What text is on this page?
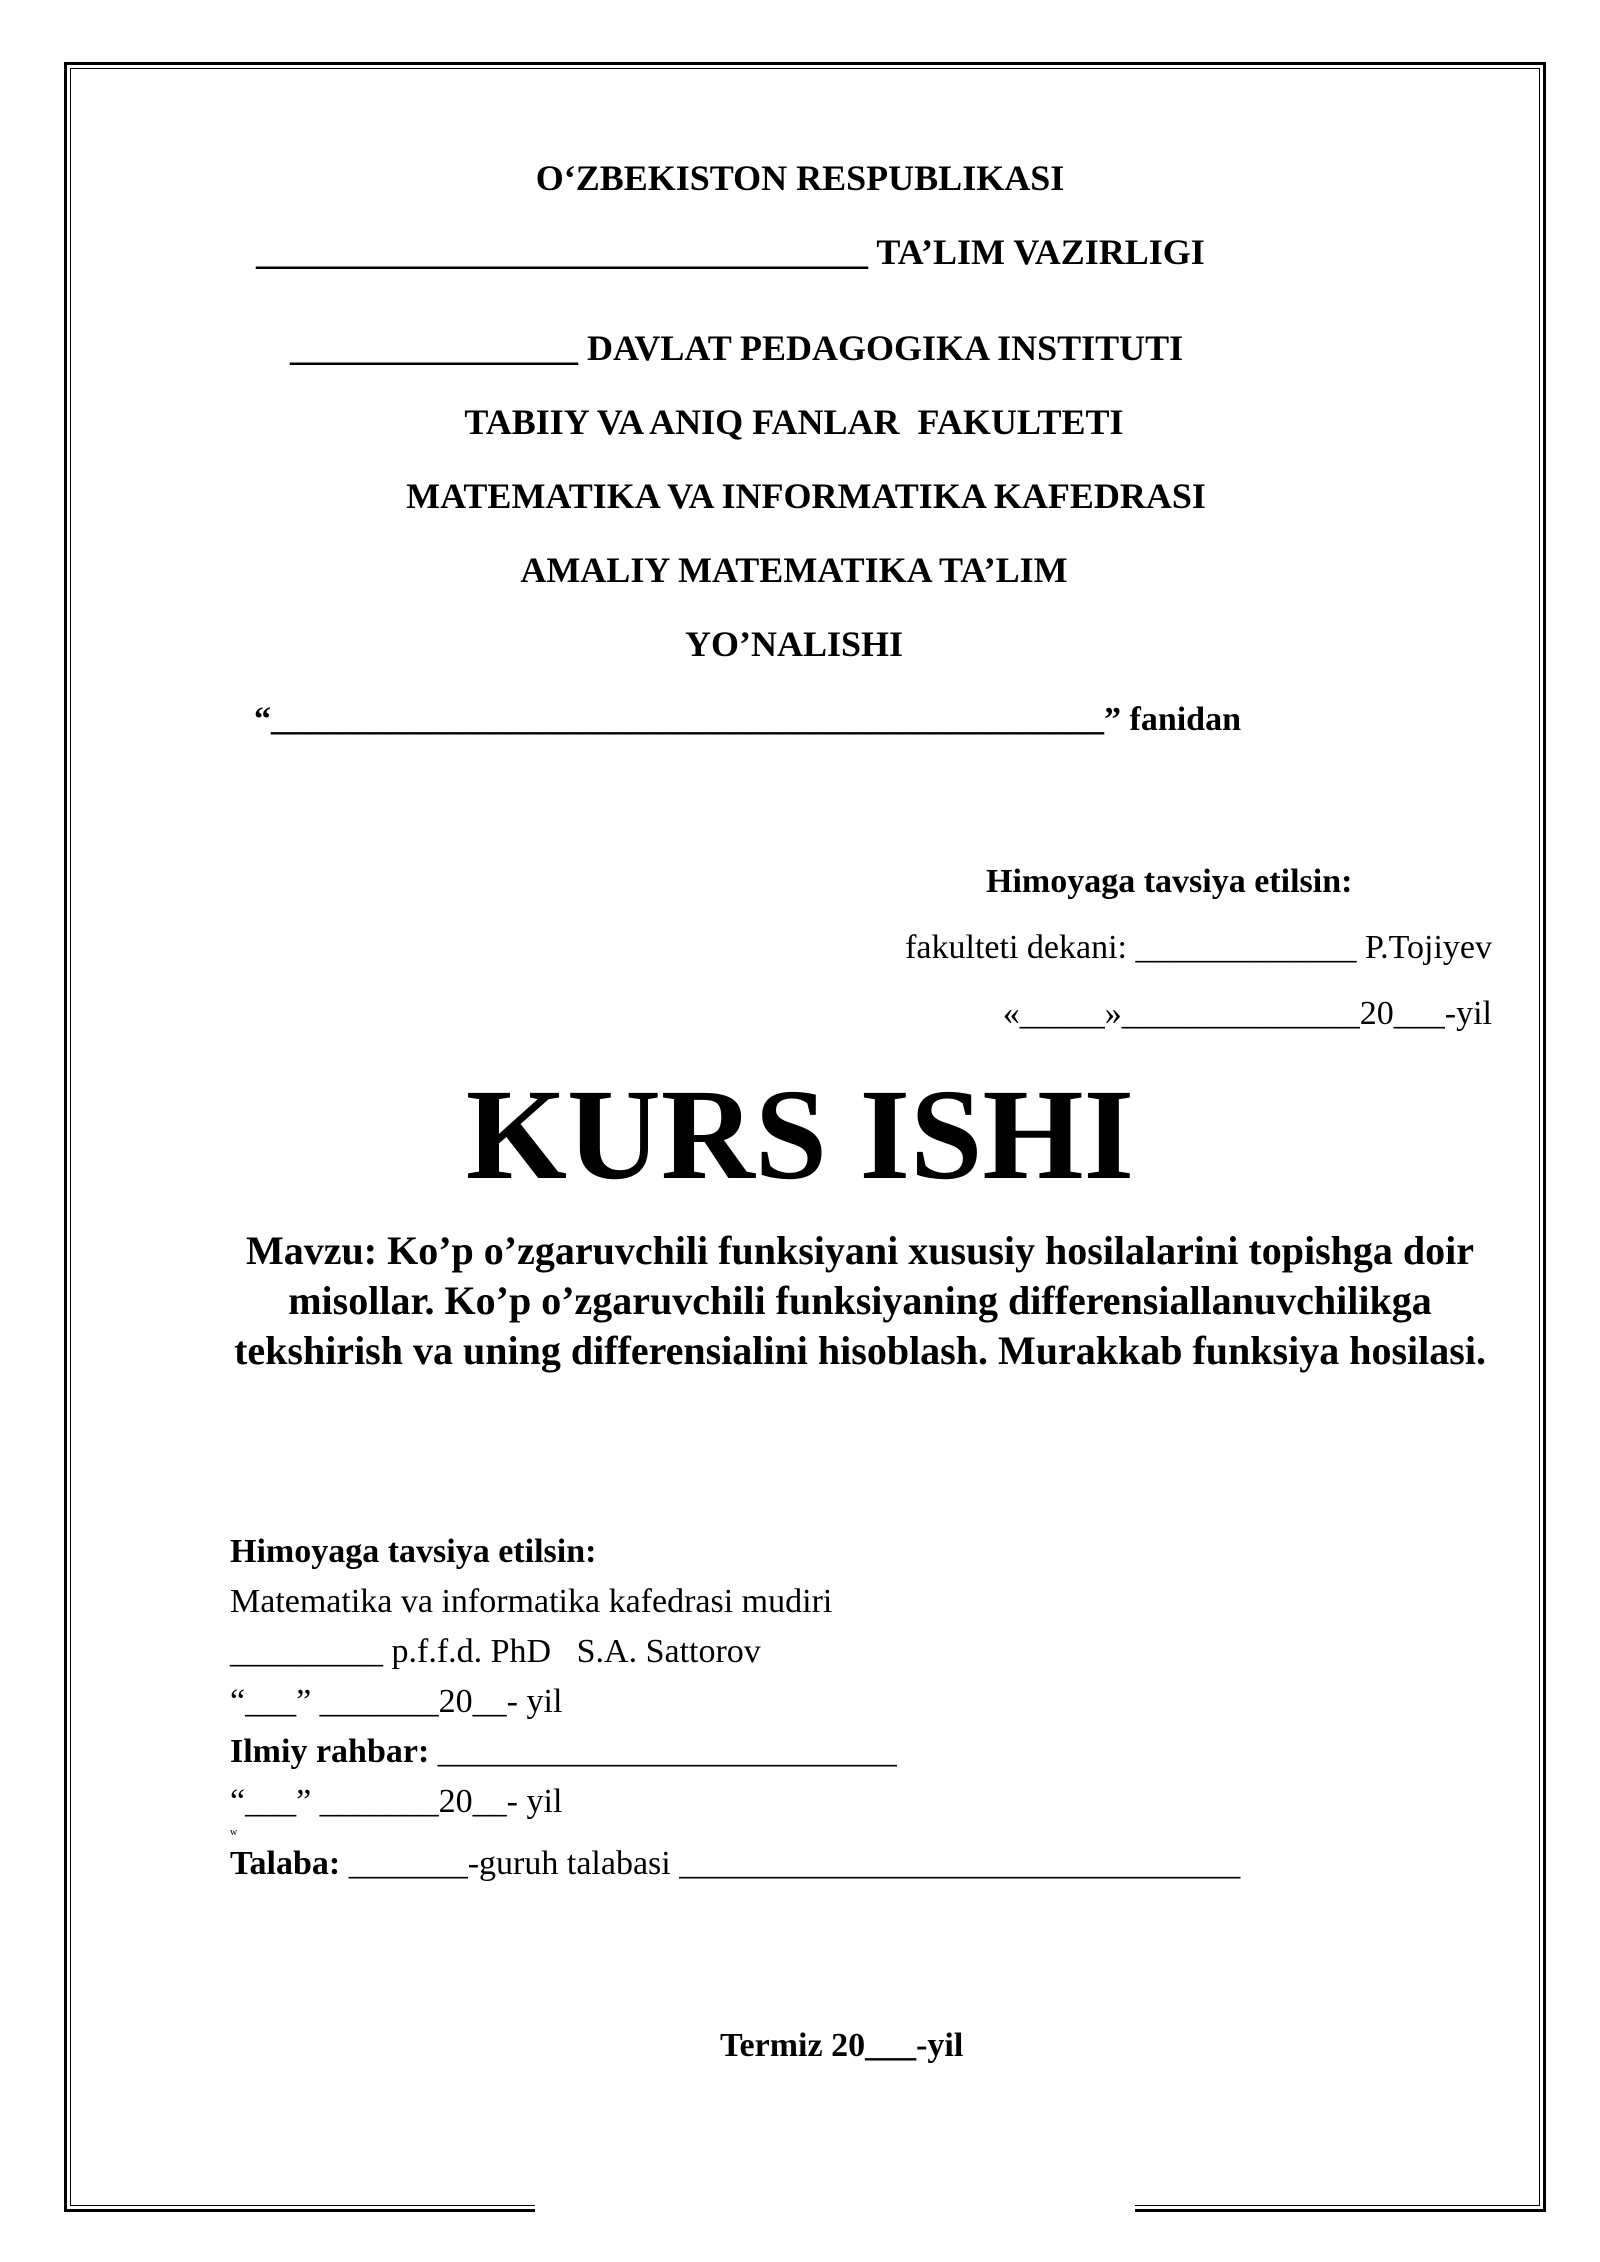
O‘ZBEKISTON RESPUBLIKASI
__________________________________ TA’LIM VAZIRLIGI
________________ DAVLAT PEDAGOGIKA INSTITUTI
TABIIY VA ANIQ FANLAR  FAKULTETI
MATEMATIKA VA INFORMATIKA KAFEDRASI
AMALIY MATEMATIKA TA’LIM
YO’NALISHI
“_________________________________________________” fanidan
Himoyaga tavsiya etilsin:
fakulteti dekani: _____________ P.Tojiyev
«_____»______________20___-yil
KURS ISHI
Mavzu: Ko’p o’zgaruvchili funksiyani xususiy hosilalarini topishga doir misollar. Ko’p o’zgaruvchili funksiyaning differensiallanuvchilikga tekshirish va uning differensialini hisoblash. Murakkab funksiya hosilasi.
Himoyaga tavsiya etilsin:
Matematika va informatika kafedrasi mudiri
_________ p.f.f.d. PhD   S.A. Sattorov
“___” _______20__- yil
Ilmiy rahbar: ___________________________
“___” _______20__- yil
w
Talaba: _______-guruh talabasi _________________________________
Termiz 20___-yil
